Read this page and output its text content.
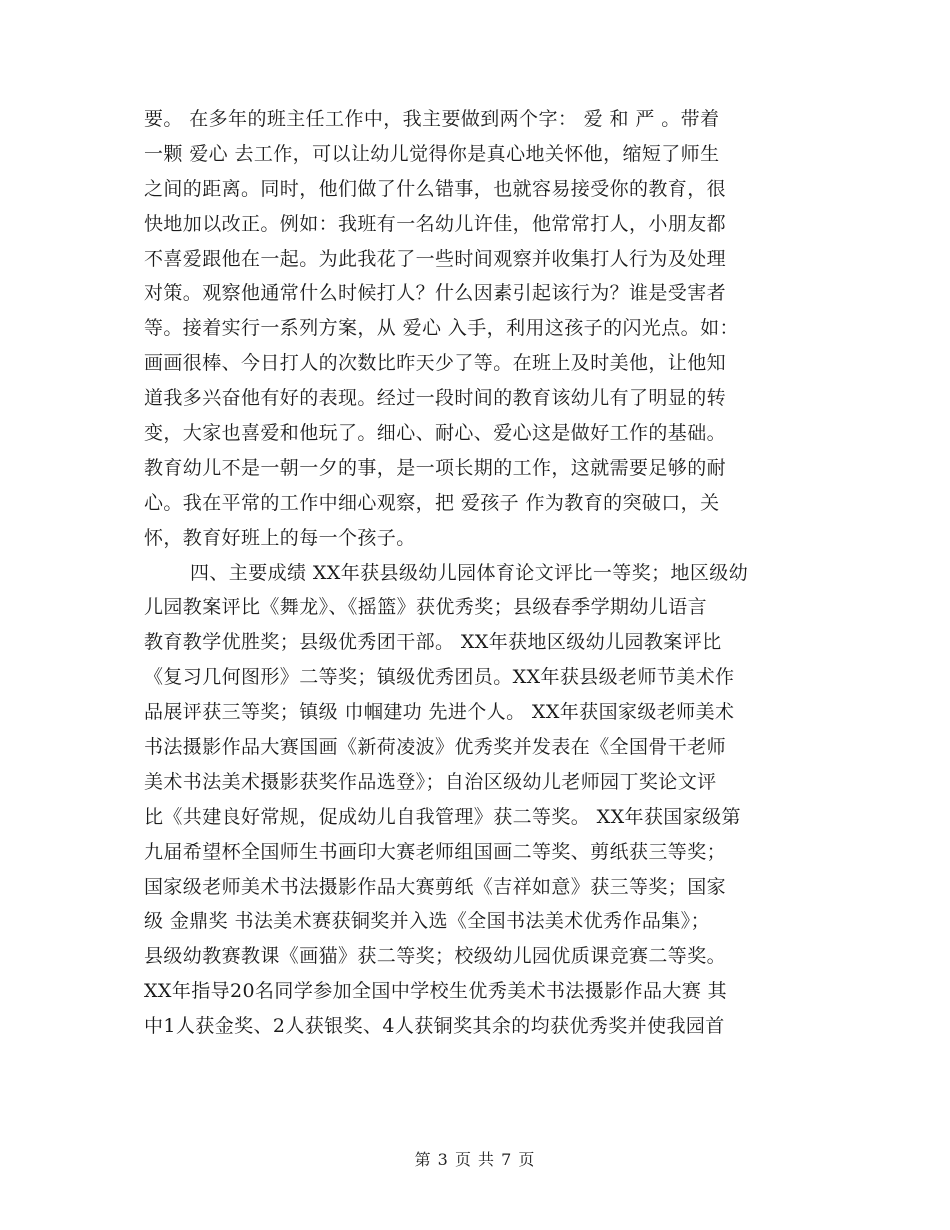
要。 在多年的班主任工作中，我主要做到两个字： 爱 和 严 。带着
一颗 爱心 去工作，可以让幼儿觉得你是真心地关怀他，缩短了师生
之间的距离。同时，他们做了什么错事，也就容易接受你的教育，很
快地加以改正。例如：我班有一名幼儿许佳，他常常打人，小朋友都
不喜爱跟他在一起。为此我花了一些时间观察并收集打人行为及处理
对策。观察他通常什么时候打人？什么因素引起该行为？谁是受害者
等。接着实行一系列方案，从 爱心 入手，利用这孩子的闪光点。如：
画画很棒、今日打人的次数比昨天少了等。在班上及时美他，让他知
道我多兴奋他有好的表现。经过一段时间的教育该幼儿有了明显的转
变，大家也喜爱和他玩了。细心、耐心、爱心这是做好工作的基础。
教育幼儿不是一朝一夕的事，是一项长期的工作，这就需要足够的耐
心。我在平常的工作中细心观察，把 爱孩子 作为教育的突破口，关
怀，教育好班上的每一个孩子。
四、主要成绩 XX年获县级幼儿园体育论文评比一等奖；地区级幼
儿园教案评比《舞龙》、《摇篮》获优秀奖；县级春季学期幼儿语言
教育教学优胜奖；县级优秀团干部。 XX年获地区级幼儿园教案评比
《复习几何图形》二等奖；镇级优秀团员。XX年获县级老师节美术作
品展评获三等奖；镇级 巾帼建功 先进个人。 XX年获国家级老师美术
书法摄影作品大赛国画《新荷凌波》优秀奖并发表在《全国骨干老师
美术书法美术摄影获奖作品选登》；自治区级幼儿老师园丁奖论文评
比《共建良好常规，促成幼儿自我管理》获二等奖。 XX年获国家级第
九届希望杯全国师生书画印大赛老师组国画二等奖、剪纸获三等奖；
国家级老师美术书法摄影作品大赛剪纸《吉祥如意》获三等奖；国家
级 金鼎奖 书法美术赛获铜奖并入选《全国书法美术优秀作品集》；
县级幼教赛教课《画猫》获二等奖；校级幼儿园优质课竞赛二等奖。
XX年指导20名同学参加全国中学校生优秀美术书法摄影作品大赛 其
中1人获金奖、2人获银奖、4人获铜奖其余的均获优秀奖并使我园首
第 3 页 共 7 页
